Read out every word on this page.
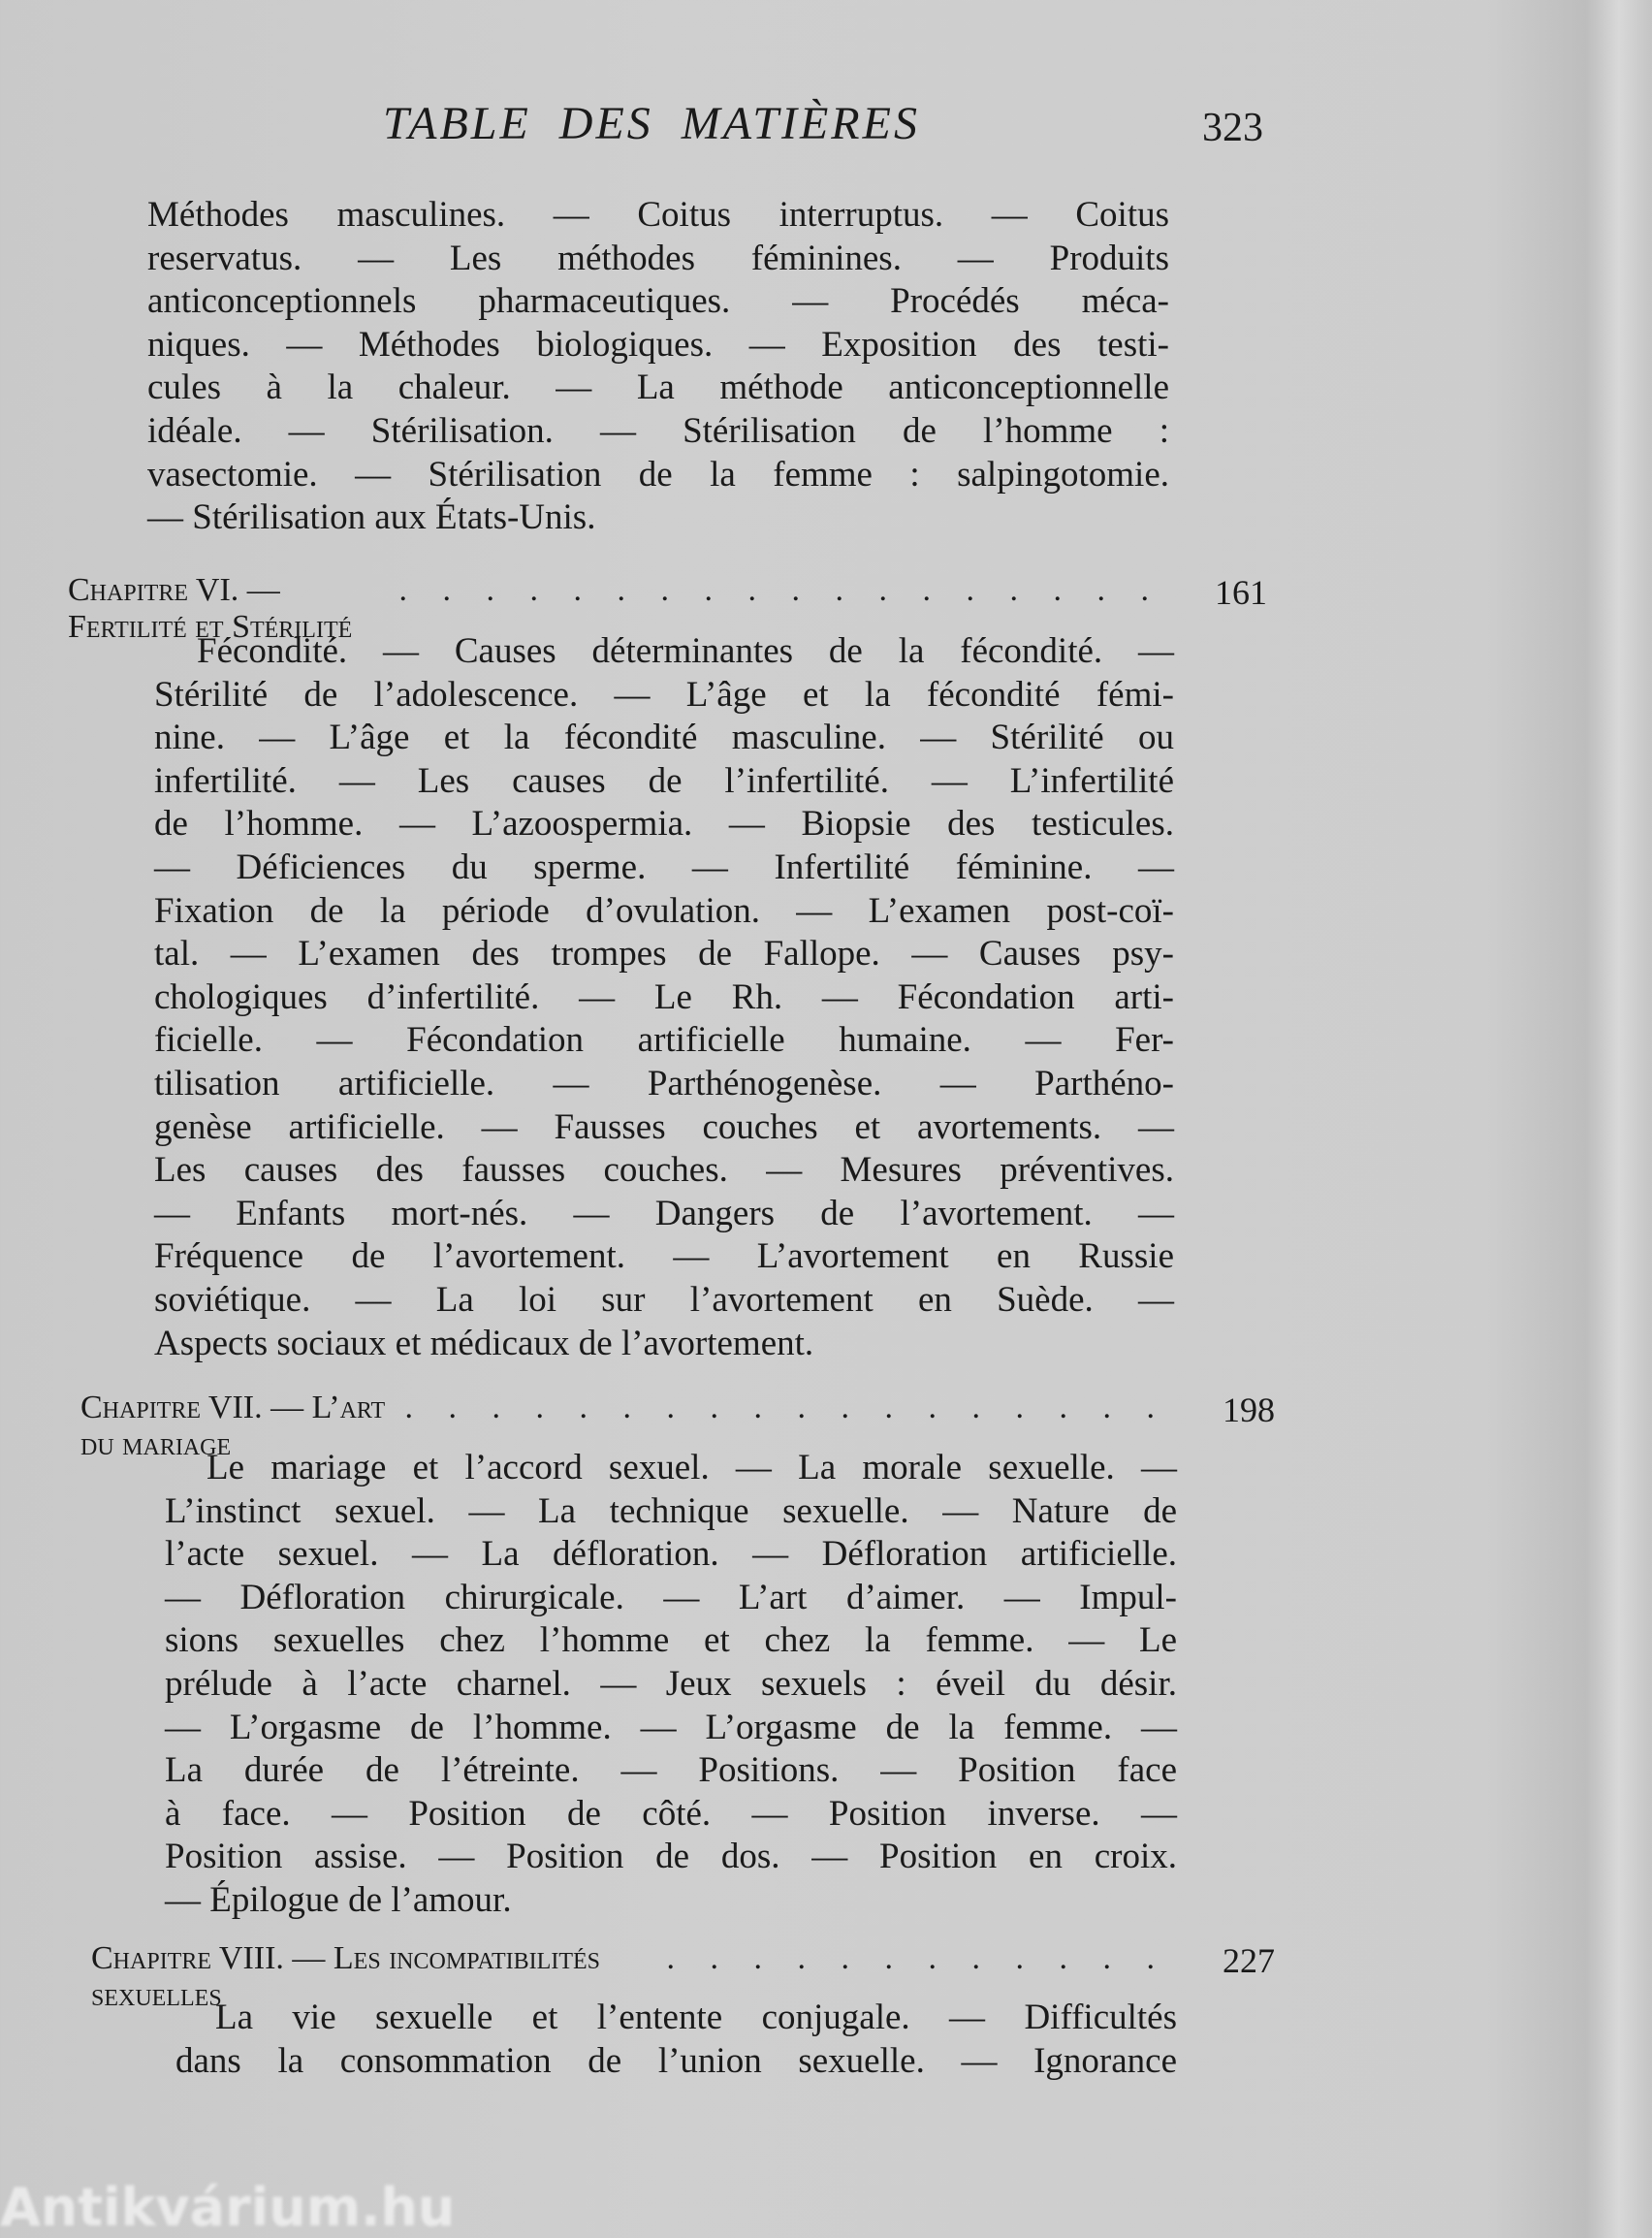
TABLE DES MATIÈRES	323
Méthodes masculines. — Coitus interruptus. — Coitus
reservatus. — Les méthodes féminines. — Produits
anticonceptionnels pharmaceutiques. — Procédés méca-
niques. — Méthodes biologiques. — Exposition des testi-
cules à la chaleur. — La méthode anticonceptionnelle
idéale. — Stérilisation. — Stérilisation de l’homme :
vasectomie. — Stérilisation de la femme : salpingotomie.
— Stérilisation aux États-Unis.
Chapitre VI. — Fertilité et Stérilité
. . . . . . . . . . . . . . . . . . 161
Fécondité. — Causes déterminantes de la fécondité. —
Stérilité de l’adolescence. — L’âge et la fécondité fémi-
nine. — L’âge et la fécondité masculine. — Stérilité ou
infertilité. — Les causes de l’infertilité. — L’infertilité
de l’homme. — L’azoospermia. — Biopsie des testicules.
— Déficiences du sperme. — Infertilité féminine. —
Fixation de la période d’ovulation. — L’examen post-coï-
tal. — L’examen des trompes de Fallope. — Causes psy-
chologiques d’infertilité. — Le Rh. — Fécondation arti-
ficielle. — Fécondation artificielle humaine. — Fer-
tilisation artificielle. — Parthénogenèse. — Parthéno-
genèse artificielle. — Fausses couches et avortements. —
Les causes des fausses couches. — Mesures préventives.
— Enfants mort-nés. — Dangers de l’avortement. —
Fréquence de l’avortement. — L’avortement en Russie
soviétique. — La loi sur l’avortement en Suède. —
Aspects sociaux et médicaux de l’avortement.
Chapitre VII. — L’art du mariage
. . . . . . . . . . . . . . . . . . 198
Le mariage et l’accord sexuel. — La morale sexuelle. —
L’instinct sexuel. — La technique sexuelle. — Nature de
l’acte sexuel. — La défloration. — Défloration artificielle.
— Défloration chirurgicale. — L’art d’aimer. — Impul-
sions sexuelles chez l’homme et chez la femme. — Le
prélude à l’acte charnel. — Jeux sexuels : éveil du désir.
— L’orgasme de l’homme. — L’orgasme de la femme. —
La durée de l’étreinte. — Positions. — Position face
à face. — Position de côté. — Position inverse. —
Position assise. — Position de dos. — Position en croix.
— Épilogue de l’amour.
Chapitre VIII. — Les incompatibilités sexuelles
. . . . . . . . . . . . 227
La vie sexuelle et l’entente conjugale. — Difficultés
dans la consommation de l’union sexuelle. — Ignorance
Antikvárium.hu
